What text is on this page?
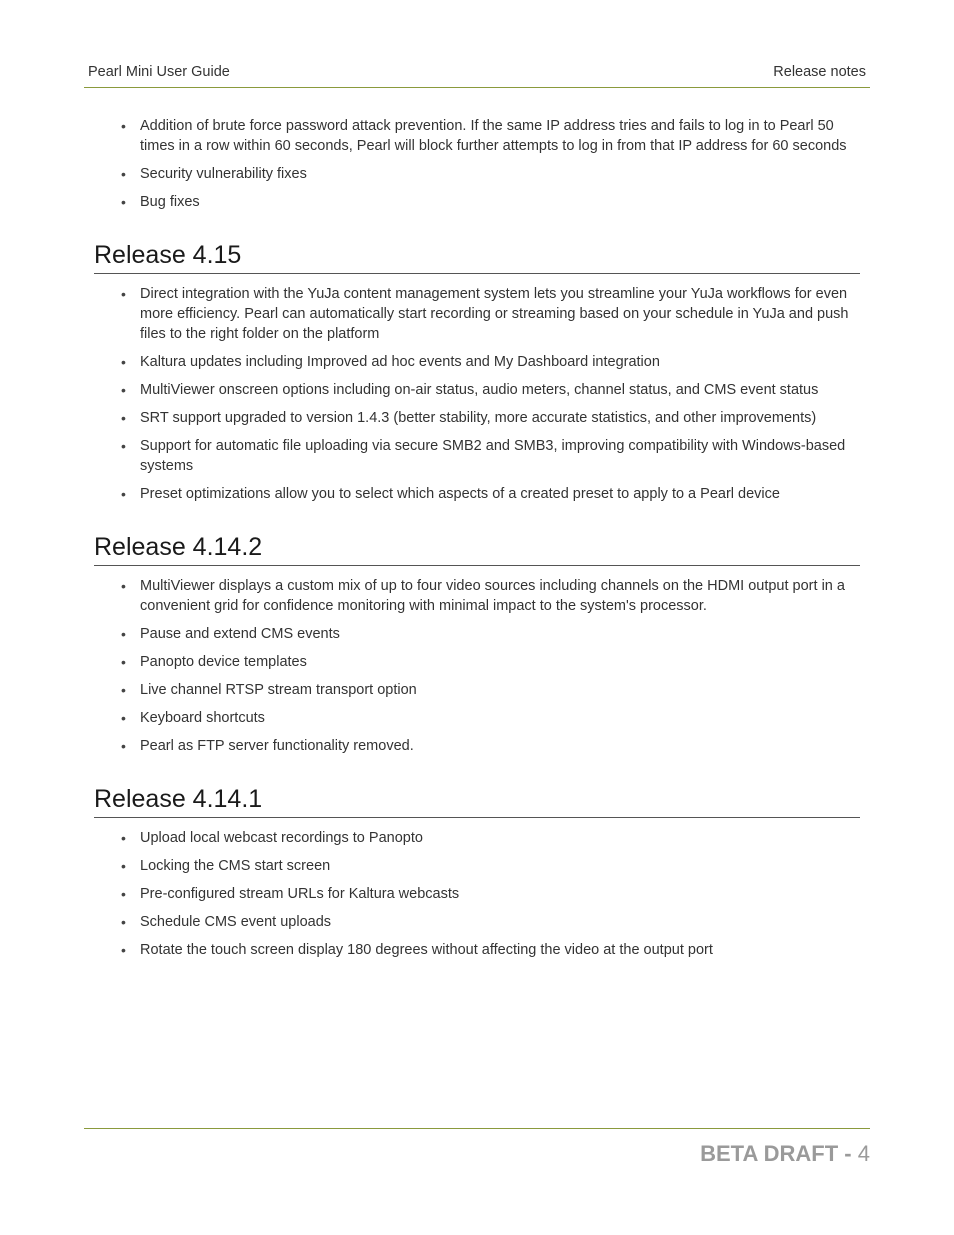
Pearl Mini User Guide	Release notes
• Addition of brute force password attack prevention. If the same IP address tries and fails to log in to Pearl 50 times in a row within 60 seconds, Pearl will block further attempts to log in from that IP address for 60 seconds
• Security vulnerability fixes
• Bug fixes
Release 4.15
• Direct integration with the YuJa content management system lets you streamline your YuJa workflows for even more efficiency. Pearl can automatically start recording or streaming based on your schedule in YuJa and push files to the right folder on the platform
• Kaltura updates including Improved ad hoc events and My Dashboard integration
• MultiViewer onscreen options including on-air status, audio meters, channel status, and CMS event status
• SRT support upgraded to version 1.4.3 (better stability, more accurate statistics, and other improvements)
• Support for automatic file uploading via secure SMB2 and SMB3, improving compatibility with Windows-based systems
• Preset optimizations allow you to select which aspects of a created preset to apply to a Pearl device
Release 4.14.2
• MultiViewer displays a custom mix of up to four video sources including channels on the HDMI output port in a convenient grid for confidence monitoring with minimal impact to the system's processor.
• Pause and extend CMS events
• Panopto device templates
• Live channel RTSP stream transport option
• Keyboard shortcuts
• Pearl as FTP server functionality removed.
Release 4.14.1
• Upload local webcast recordings to Panopto
• Locking the CMS start screen
• Pre-configured stream URLs for Kaltura webcasts
• Schedule CMS event uploads
• Rotate the touch screen display 180 degrees without affecting the video at the output port
BETA DRAFT - 4
